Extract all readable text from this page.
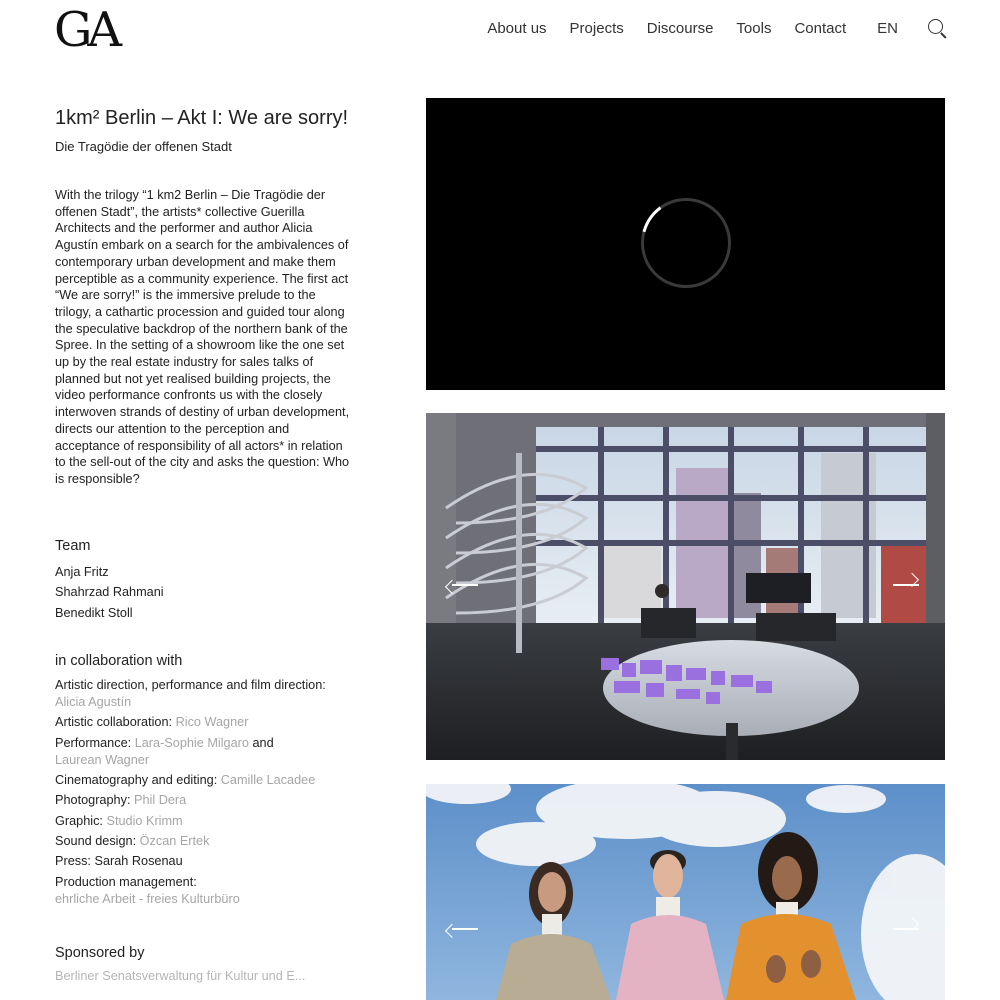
GA	About us Projects Discourse Tools Contact EN
1km² Berlin – Akt I: We are sorry!
Die Tragödie der offenen Stadt

With the trilogy “1 km2 Berlin – Die Tragödie der offenen Stadt”, the artists* collective Guerilla Architects and the performer and author Alicia Agustín embark on a search for the ambivalences of contemporary urban development and make them perceptible as a community experience. The first act “We are sorry!” is the immersive prelude to the trilogy, a cathartic procession and guided tour along the speculative backdrop of the northern bank of the Spree. In the setting of a showroom like the one set up by the real estate industry for sales talks of planned but not yet realised building projects, the video performance confronts us with the closely interwoven strands of destiny of urban development, directs our attention to the perception and acceptance of responsibility of all actors* in relation to the sell-out of the city and asks the question: Who is responsible?

Team
Anja Fritz
Shahrzad Rahmani
Benedikt Stoll
in collaboration with
Artistic direction, performance and film direction:
Alicia Agustín
Artistic collaboration: Rico Wagner
Performance: Lara-Sophie Milgaro and
Laurean Wagner
Cinematography and editing: Camille Lacadee
Photography: Phil Dera
Graphic: Studio Krimm
Sound design: Özcan Ertek
Press: Sarah Rosenau
Production management:
ehrliche Arbeit - freies Kulturbüro
Sponsored by
Berliner Senatsverwaltung für Kultur und E...
